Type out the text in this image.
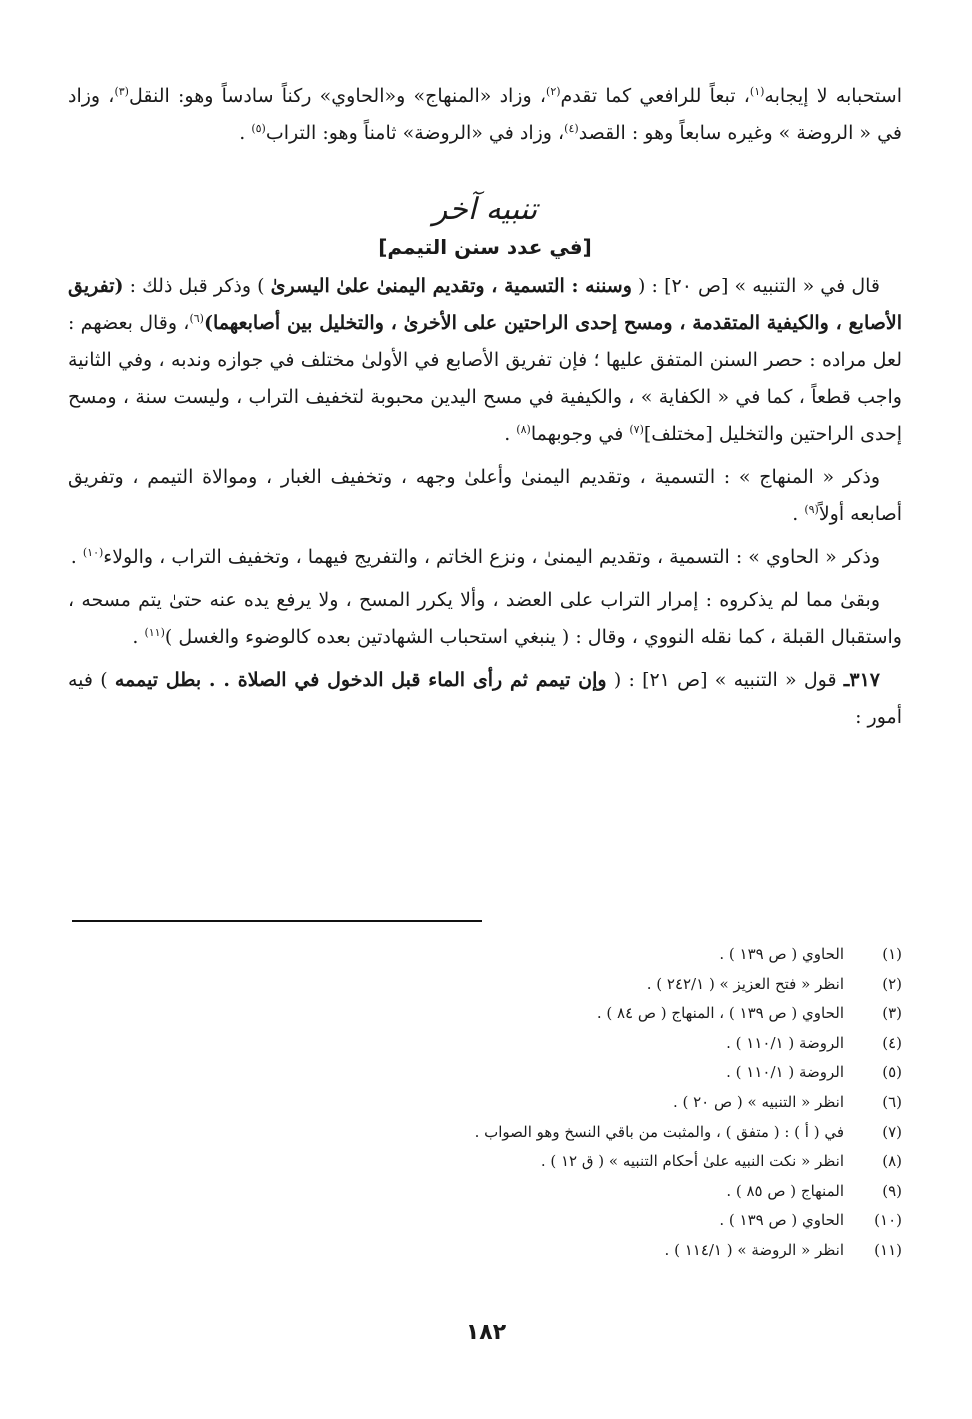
استحبابه لا إيجابه$^{(١)}$، تبعاً للرافعي كما تقدم$^{(٢)}$، وزاد «المنهاج» و«الحاوي» ركناً سادساً وهو: النقل$^{(٣)}$، وزاد في « الروضة » وغيره سابعاً وهو : القصد$^{(٤)}$، وزاد في «الروضة» ثامناً وهو: التراب$^{(٥)}$ .

تنبيه آخر
[في عدد سنن التيمم]

قال في « التنبيه » [ص ٢٠] : ( وسننه : التسمية ، وتقديم اليمنىٰ علىٰ اليسرىٰ ) وذكر قبل ذلك : (تفريق الأصابع ، والكيفية المتقدمة ، ومسح إحدى الراحتين على الأخرىٰ ، والتخليل بين أصابعهما)$^{(٦)}$، وقال بعضهم : لعل مراده : حصر السنن المتفق عليها ؛ فإن تفريق الأصابع في الأولىٰ مختلف في جوازه وندبه ، وفي الثانية واجب قطعاً ، كما في « الكفاية » ، والكيفية في مسح اليدين محبوبة لتخفيف التراب ، وليست سنة ، ومسح إحدى الراحتين والتخليل [مختلف]$^{(٧)}$ في وجوبهما$^{(٨)}$ .

وذكر « المنهاج » : التسمية ، وتقديم اليمنىٰ وأعلىٰ وجهه ، وتخفيف الغبار ، وموالاة التيمم ، وتفريق أصابعه أولاً$^{(٩)}$ .

وذكر « الحاوي » : التسمية ، وتقديم اليمنىٰ ، ونزع الخاتم ، والتفريج فيهما ، وتخفيف التراب ، والولاء$^{(١٠)}$ .

وبقىٰ مما لم يذكروه : إمرار التراب على العضد ، وألا يكرر المسح ، ولا يرفع يده عنه حتىٰ يتم مسحه ، واستقبال القبلة ، كما نقله النووي ، وقال : ( ينبغي استحباب الشهادتين بعده كالوضوء والغسل )$^{(١١)}$ .

٣١٧ـ قول « التنبيه » [ص ٢١] : ( وإن تيمم ثم رأى الماء قبل الدخول في الصلاة . . بطل تيممه ) فيه أمور :

(١)
الحاوي ( ص ١٣٩ ) .
(٢)
انظر « فتح العزيز » ( ٢٤٢/١ ) .
(٣)
الحاوي ( ص ١٣٩ ) ، المنهاج ( ص ٨٤ ) .
(٤)
الروضة ( ١١٠/١ ) .
(٥)
الروضة ( ١١٠/١ ) .
(٦)
انظر « التنبيه » ( ص ٢٠ ) .
(٧)
في ( أ ) : ( متفق ) ، والمثبت من باقي النسخ وهو الصواب .
(٨)
انظر « نكت النبيه علىٰ أحكام التنبيه » ( ق ١٢ ) .
(٩)
المنهاج ( ص ٨٥ ) .
(١٠)
الحاوي ( ص ١٣٩ ) .
(١١)
انظر « الروضة » ( ١١٤/١ ) .
١٨٢
